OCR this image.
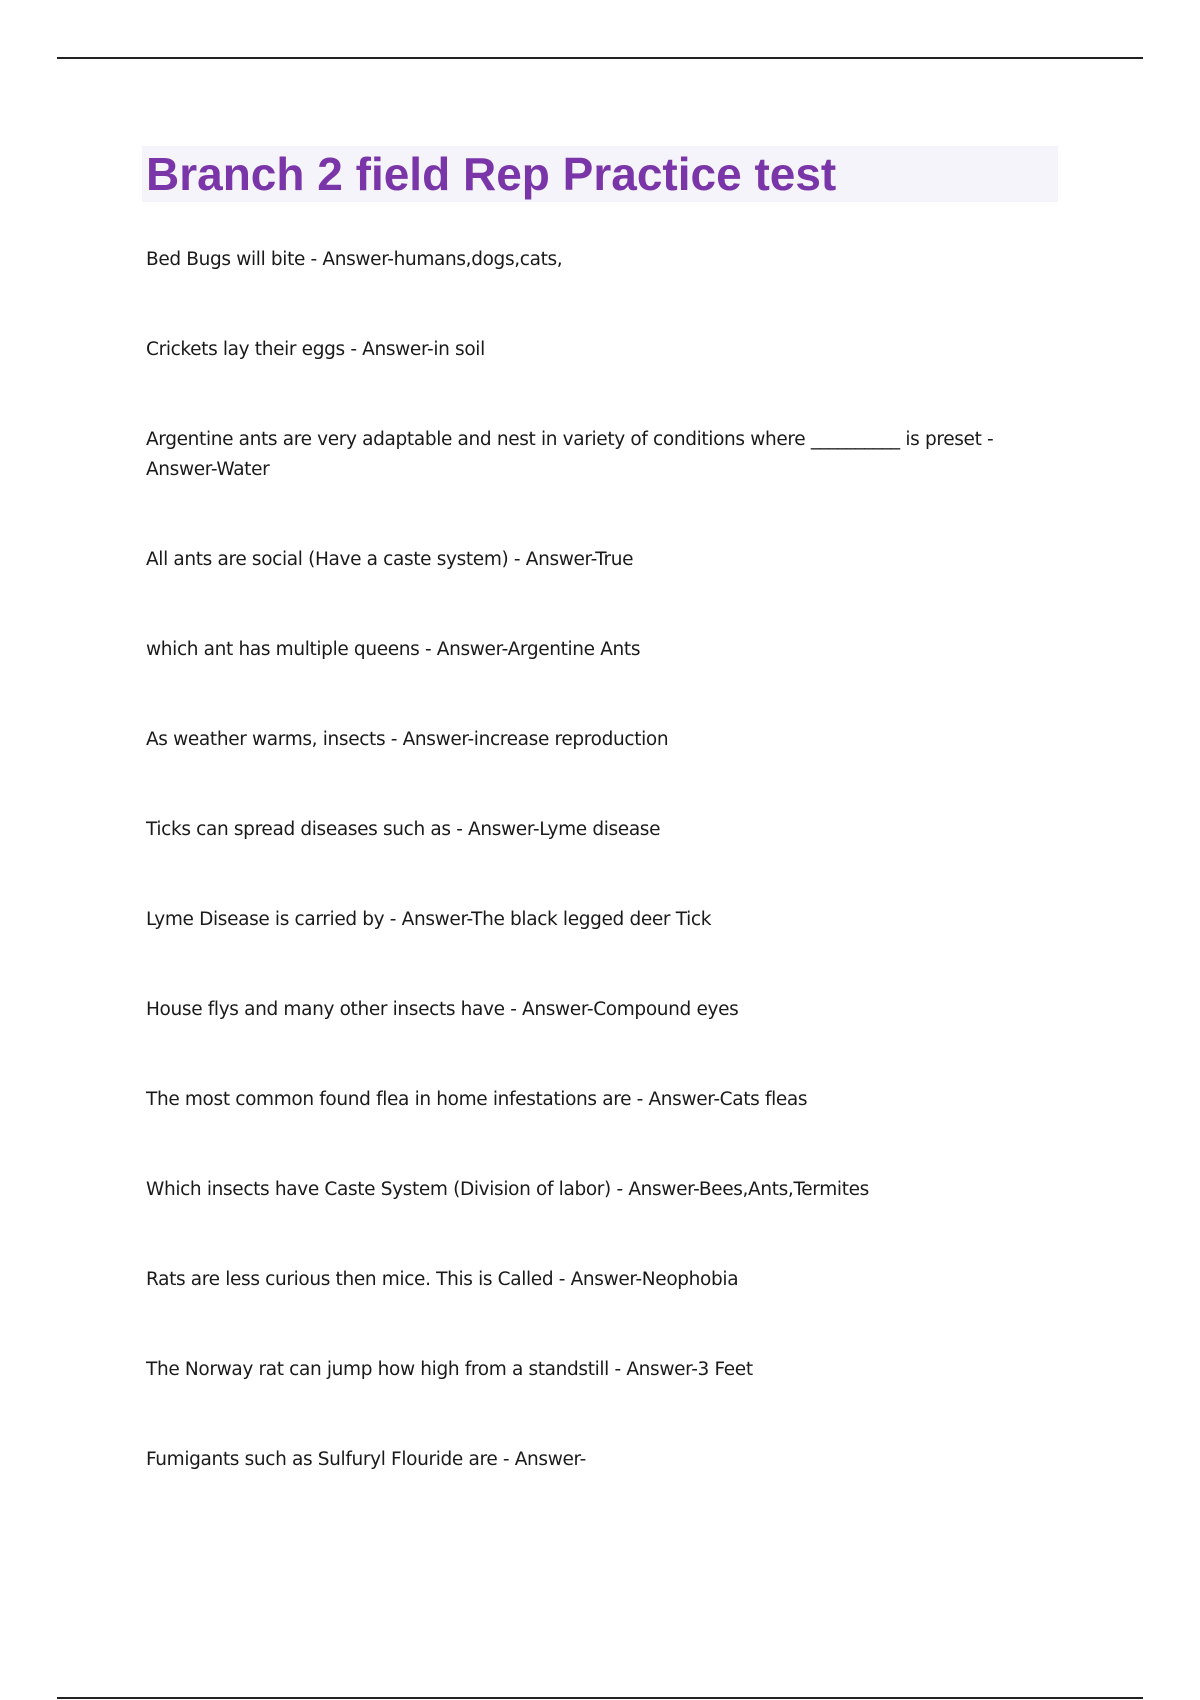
Branch 2 field Rep Practice test
Bed Bugs will bite - Answer-humans,dogs,cats,
Crickets lay their eggs - Answer-in soil
Argentine ants are very adaptable and nest in variety of conditions where __________ is preset - Answer-Water
All ants are social (Have a caste system) - Answer-True
which ant has multiple queens - Answer-Argentine Ants
As weather warms, insects - Answer-increase reproduction
Ticks can spread diseases such as - Answer-Lyme disease
Lyme Disease is carried by - Answer-The black legged deer Tick
House flys and many other insects have - Answer-Compound eyes
The most common found flea in home infestations are - Answer-Cats fleas
Which insects have Caste System (Division of labor) - Answer-Bees,Ants,Termites
Rats are less curious then mice. This is Called - Answer-Neophobia
The Norway rat can jump how high from a standstill - Answer-3 Feet
Fumigants such as Sulfuryl Flouride are - Answer-
